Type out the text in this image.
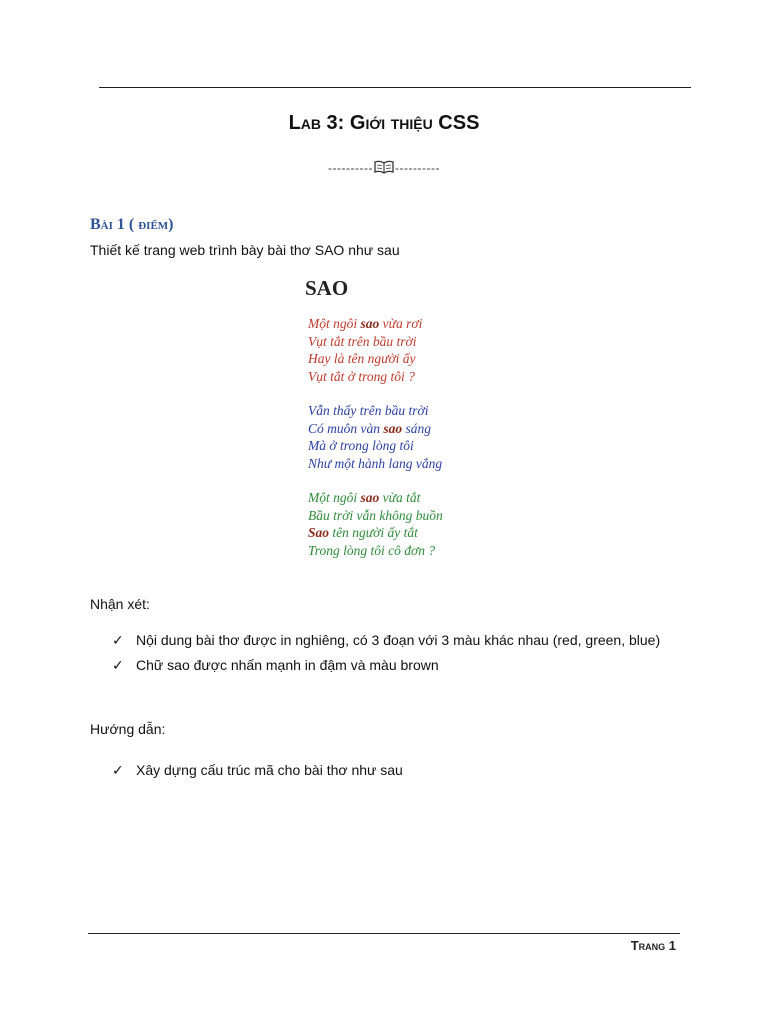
Lab 3: Giới thiệu CSS
---------- ----------
Bài 1 ( điểm)
Thiết kế trang web trình bày bài thơ SAO như sau
SAO
Một ngôi sao vừa rơi
Vụt tắt trên bầu trời
Hay là tên người ấy
Vụt tắt ở trong tôi ?
Vẫn thấy trên bầu trời
Có muôn vàn sao sáng
Mà ở trong lòng tôi
Như một hành lang vắng
Một ngôi sao vừa tắt
Bầu trời vẫn không buồn
Sao tên người ấy tắt
Trong lòng tôi cô đơn ?
Nhận xét:
✓ Nội dung bài thơ được in nghiêng, có 3 đoạn với 3 màu khác nhau (red, green, blue)
✓ Chữ sao được nhấn mạnh in đậm và màu brown
Hướng dẫn:
✓ Xây dựng cấu trúc mã cho bài thơ như sau
Trang 1
